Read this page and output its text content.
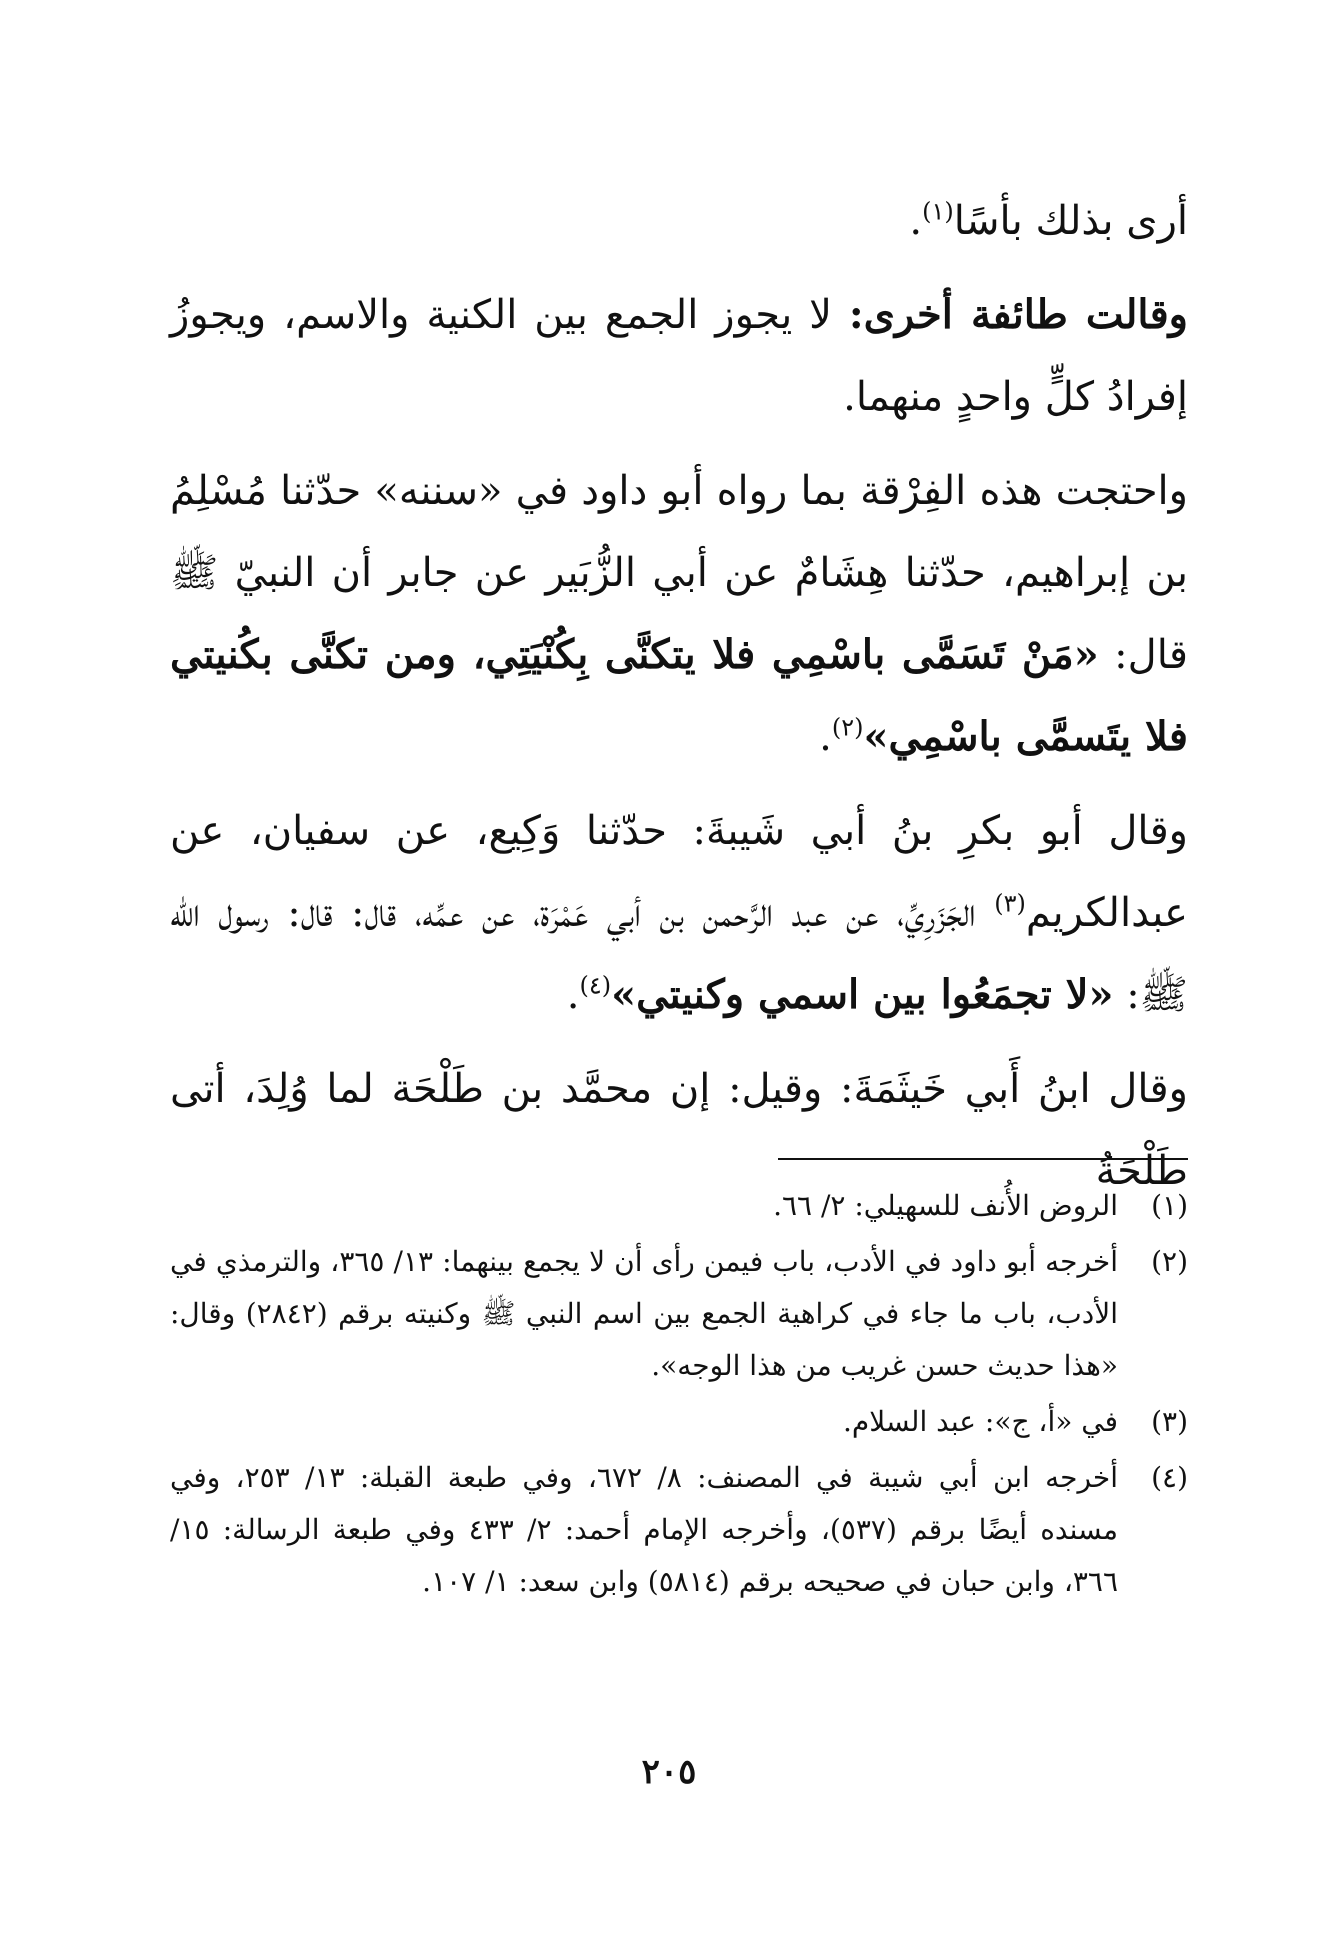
أرى بذلك بأسًا$^{(١)}$.

وقالت طائفة أخرى: لا يجوز الجمع بين الكنية والاسم، ويجوزُ إفرادُ كلٍّ واحدٍ منهما.

واحتجت هذه الفِرْقة بما رواه أبو داود في «سننه» حدّثنا مُسْلِمُ بن إبراهيم، حدّثنا هِشَامٌ عن أبي الزُّبَير عن جابر أن النبيّ ﷺ قال: «مَنْ تَسَمَّى باسْمِي فلا يتكنَّى بِكُنْيَتِي، ومن تكنَّى بكُنيتي فلا يتَسمَّى باسْمِي»$^{(٢)}$.

وقال أبو بكرِ بنُ أبي شَيبةَ: حدّثنا وَكِيع، عن سفيان، عن عبدالكريم$^{(٣)}$ الجَزَرِيِّ، عن عبد الرَّحمن بن أبي عَمْرَة، عن عمِّه، قال: قال: رسول الله ﷺ: «لا تجمَعُوا بين اسمي وكنيتي»$^{(٤)}$.

وقال ابنُ أَبي خَيثَمَةَ: وقيل: إن محمَّد بن طَلْحَة لما وُلِدَ، أتى طَلْحَةُ

(١)
الروض الأُنف للسهيلي: ٢/ ٦٦.
(٢)
أخرجه أبو داود في الأدب، باب فيمن رأى أن لا يجمع بينهما: ١٣/ ٣٦٥، والترمذي في الأدب، باب ما جاء في كراهية الجمع بين اسم النبي ﷺ وكنيته برقم (٢٨٤٢) وقال: «هذا حديث حسن غريب من هذا الوجه».
(٣)
في «أ، ج»: عبد السلام.
(٤)
أخرجه ابن أبي شيبة في المصنف: ٨/ ٦٧٢، وفي طبعة القبلة: ١٣/ ٢٥٣، وفي مسنده أيضًا برقم (٥٣٧)، وأخرجه الإمام أحمد: ٢/ ٤٣٣ وفي طبعة الرسالة: ١٥/ ٣٦٦، وابن حبان في صحيحه برقم (٥٨١٤) وابن سعد: ١/ ١٠٧.
٢٠٥
